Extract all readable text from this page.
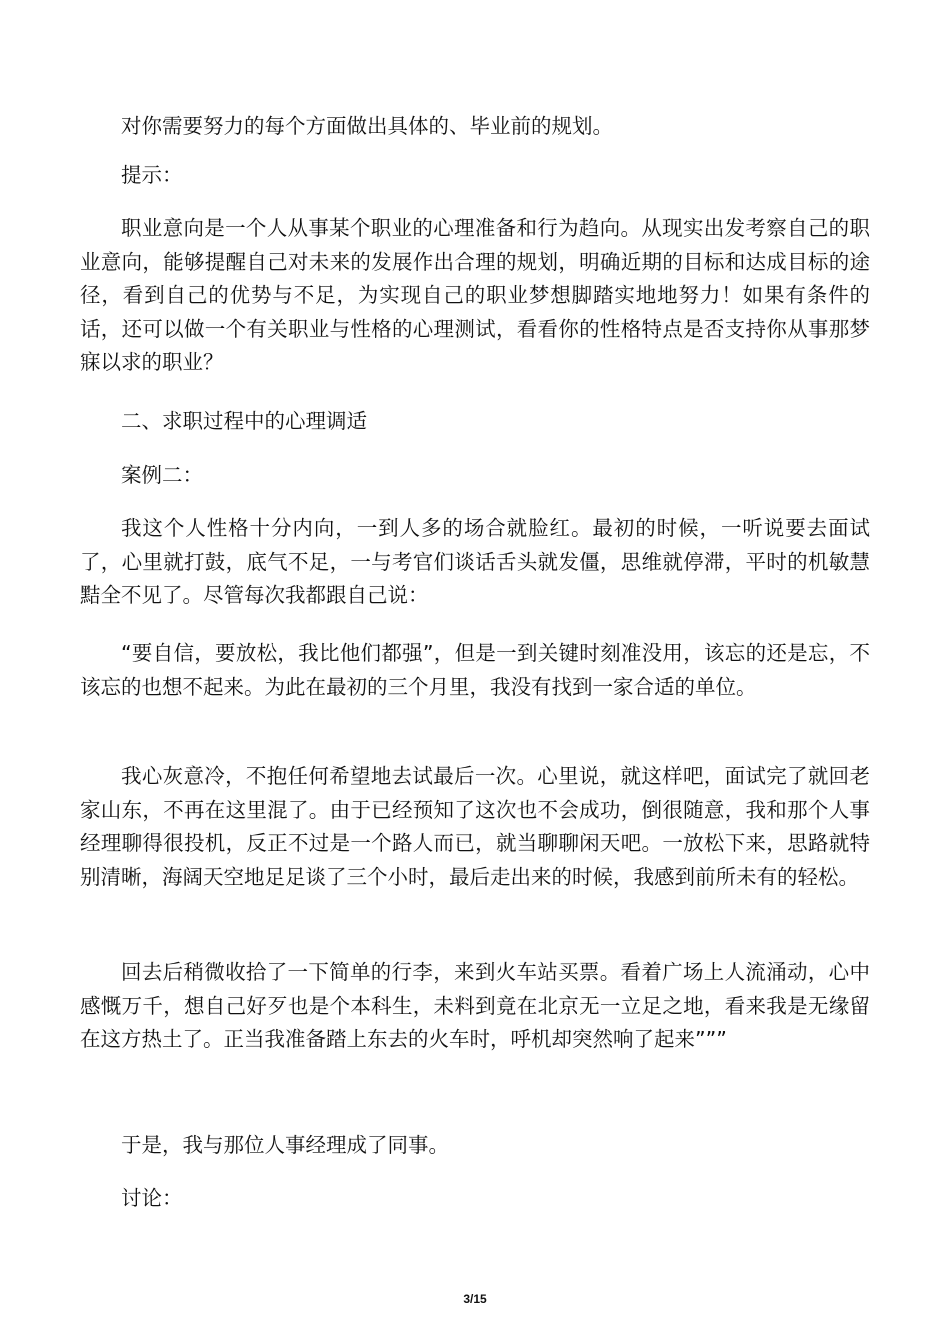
对你需要努力的每个方面做出具体的、毕业前的规划。

提示：

职业意向是一个人从事某个职业的心理准备和行为趋向。从现实出发考察自己的职业意向，能够提醒自己对未来的发展作出合理的规划，明确近期的目标和达成目标的途径，看到自己的优势与不足，为实现自己的职业梦想脚踏实地地努力！如果有条件的话，还可以做一个有关职业与性格的心理测试，看看你的性格特点是否支持你从事那梦寐以求的职业？

二、求职过程中的心理调适

案例二：

我这个人性格十分内向，一到人多的场合就脸红。最初的时候，一听说要去面试了，心里就打鼓，底气不足，一与考官们谈话舌头就发僵，思维就停滞，平时的机敏慧黠全不见了。尽管每次我都跟自己说：

“要自信，要放松，我比他们都强”，但是一到关键时刻准没用，该忘的还是忘，不该忘的也想不起来。为此在最初的三个月里，我没有找到一家合适的单位。

我心灰意冷，不抱任何希望地去试最后一次。心里说，就这样吧，面试完了就回老家山东，不再在这里混了。由于已经预知了这次也不会成功，倒很随意，我和那个人事经理聊得很投机，反正不过是一个路人而已，就当聊聊闲天吧。一放松下来，思路就特别清晰，海阔天空地足足谈了三个小时，最后走出来的时候，我感到前所未有的轻松。

回去后稍微收拾了一下简单的行李，来到火车站买票。看着广场上人流涌动，心中感慨万千，想自己好歹也是个本科生，未料到竟在北京无一立足之地，看来我是无缘留在这方热土了。正当我准备踏上东去的火车时，呼机却突然响了起来”””

于是，我与那位人事经理成了同事。

讨论：

3/15
